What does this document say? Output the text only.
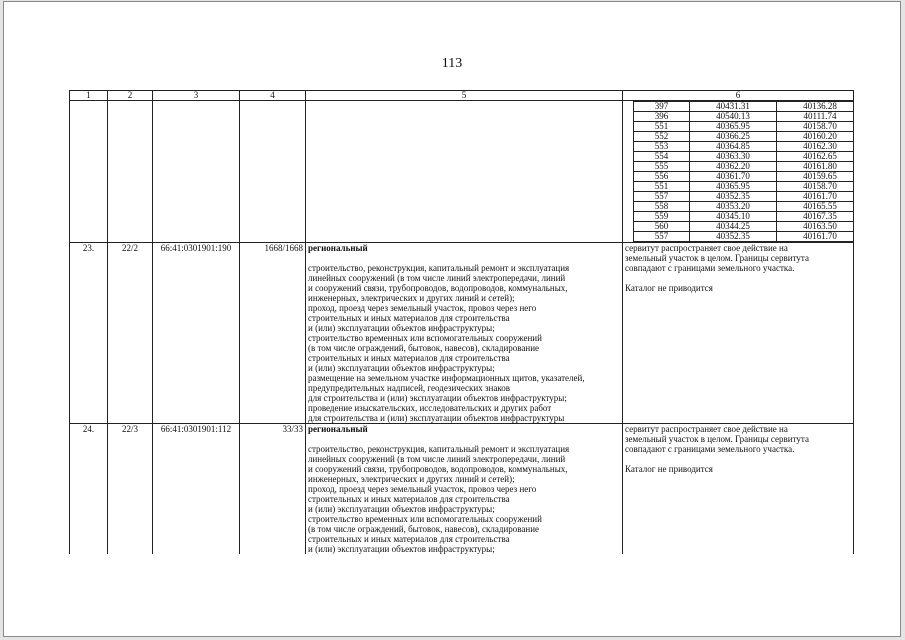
113
1	2	3	4	5	6

397	40431.31	40136.28
396	40540.13	40111.74
551	40365.95	40158.70
552	40366.25	40160.20
553	40364.85	40162.30
554	40363.30	40162.65
555	40362.20	40161.80
556	40361.70	40159.65
551	40365.95	40158.70
557	40352.35	40161.70
558	40353.20	40165.55
559	40345.10	40167.35
560	40344.25	40163.50
557	40352.35	40161.70

23.	22/2	66:41:0301901:190	1668/1668	региональный
строительство, реконструкция, капитальный ремонт и эксплуатация
линейных сооружений (в том числе линий электропередачи, линий
и сооружений связи, трубопроводов, водопроводов, коммунальных,
инженерных, электрических и других линий и сетей);
проход, проезд через земельный участок, провоз через него
строительных и иных материалов для строительства
и (или) эксплуатации объектов инфраструктуры;
строительство временных или вспомогательных сооружений
(в том числе ограждений, бытовок, навесов), складирование
строительных и иных материалов для строительства
и (или) эксплуатации объектов инфраструктуры;
размещение на земельном участке информационных щитов, указателей,
предупредительных надписей, геодезических знаков
для строительства и (или) эксплуатации объектов инфраструктуры;
проведение изыскательских, исследовательских и других работ
для строительства и (или) эксплуатации объектов инфраструктуры

сервитут распространяет свое действие на
земельный участок в целом. Границы сервитута
совпадают с границами земельного участка.
Каталог не приводится

24.	22/3	66:41:0301901:112	33/33	региональный
строительство, реконструкция, капитальный ремонт и эксплуатация
линейных сооружений (в том числе линий электропередачи, линий
и сооружений связи, трубопроводов, водопроводов, коммунальных,
инженерных, электрических и других линий и сетей);
проход, проезд через земельный участок, провоз через него
строительных и иных материалов для строительства
и (или) эксплуатации объектов инфраструктуры;
строительство временных или вспомогательных сооружений
(в том числе ограждений, бытовок, навесов), складирование
строительных и иных материалов для строительства
и (или) эксплуатации объектов инфраструктуры;

сервитут распространяет свое действие на
земельный участок в целом. Границы сервитута
совпадают с границами земельного участка.
Каталог не приводится
